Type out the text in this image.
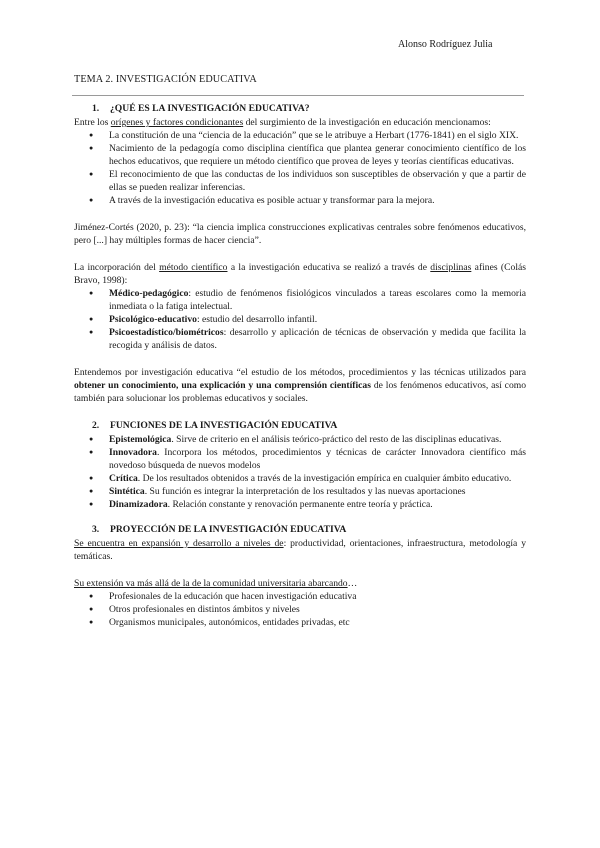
Alonso Rodríguez Julia
TEMA 2. INVESTIGACIÓN EDUCATIVA
1. ¿QUÉ ES LA INVESTIGACIÓN EDUCATIVA?

Entre los orígenes y factores condicionantes del surgimiento de la investigación en educación mencionamos:

● La constitución de una “ciencia de la educación” que se le atribuye a Herbart (1776-1841) en el siglo XIX.
● Nacimiento de la pedagogía como disciplina científica que plantea generar conocimiento científico de los hechos educativos, que requiere un método científico que provea de leyes y teorías científicas educativas.
● El reconocimiento de que las conductas de los individuos son susceptibles de observación y que a partir de ellas se pueden realizar inferencias.
● A través de la investigación educativa es posible actuar y transformar para la mejora.

Jiménez-Cortés (2020, p. 23): “la ciencia implica construcciones explicativas centrales sobre fenómenos educativos, pero [...] hay múltiples formas de hacer ciencia”.

La incorporación del método científico a la investigación educativa se realizó a través de disciplinas afines (Colás Bravo, 1998):

● Médico-pedagógico: estudio de fenómenos fisiológicos vinculados a tareas escolares como la memoria inmediata o la fatiga intelectual.
● Psicológico-educativo: estudio del desarrollo infantil.
● Psicoestadístico/biométricos: desarrollo y aplicación de técnicas de observación y medida que facilita la recogida y análisis de datos.

Entendemos por investigación educativa “el estudio de los métodos, procedimientos y las técnicas utilizados para obtener un conocimiento, una explicación y una comprensión científicas de los fenómenos educativos, así como también para solucionar los problemas educativos y sociales.

2. FUNCIONES DE LA INVESTIGACIÓN EDUCATIVA
● Epistemológica. Sirve de criterio en el análisis teórico-práctico del resto de las disciplinas educativas.
● Innovadora. Incorpora los métodos, procedimientos y técnicas de carácter Innovadora científico más novedoso búsqueda de nuevos modelos
● Crítica. De los resultados obtenidos a través de la investigación empírica en cualquier ámbito educativo.
● Sintética. Su función es integrar la interpretación de los resultados y las nuevas aportaciones
● Dinamizadora. Relación constante y renovación permanente entre teoría y práctica.
3. PROYECCIÓN DE LA INVESTIGACIÓN EDUCATIVA

Se encuentra en expansión y desarrollo a niveles de: productividad, orientaciones, infraestructura, metodología y temáticas.

Su extensión va más allá de la de la comunidad universitaria abarcando…

● Profesionales de la educación que hacen investigación educativa
● Otros profesionales en distintos ámbitos y niveles
● Organismos municipales, autonómicos, entidades privadas, etc
